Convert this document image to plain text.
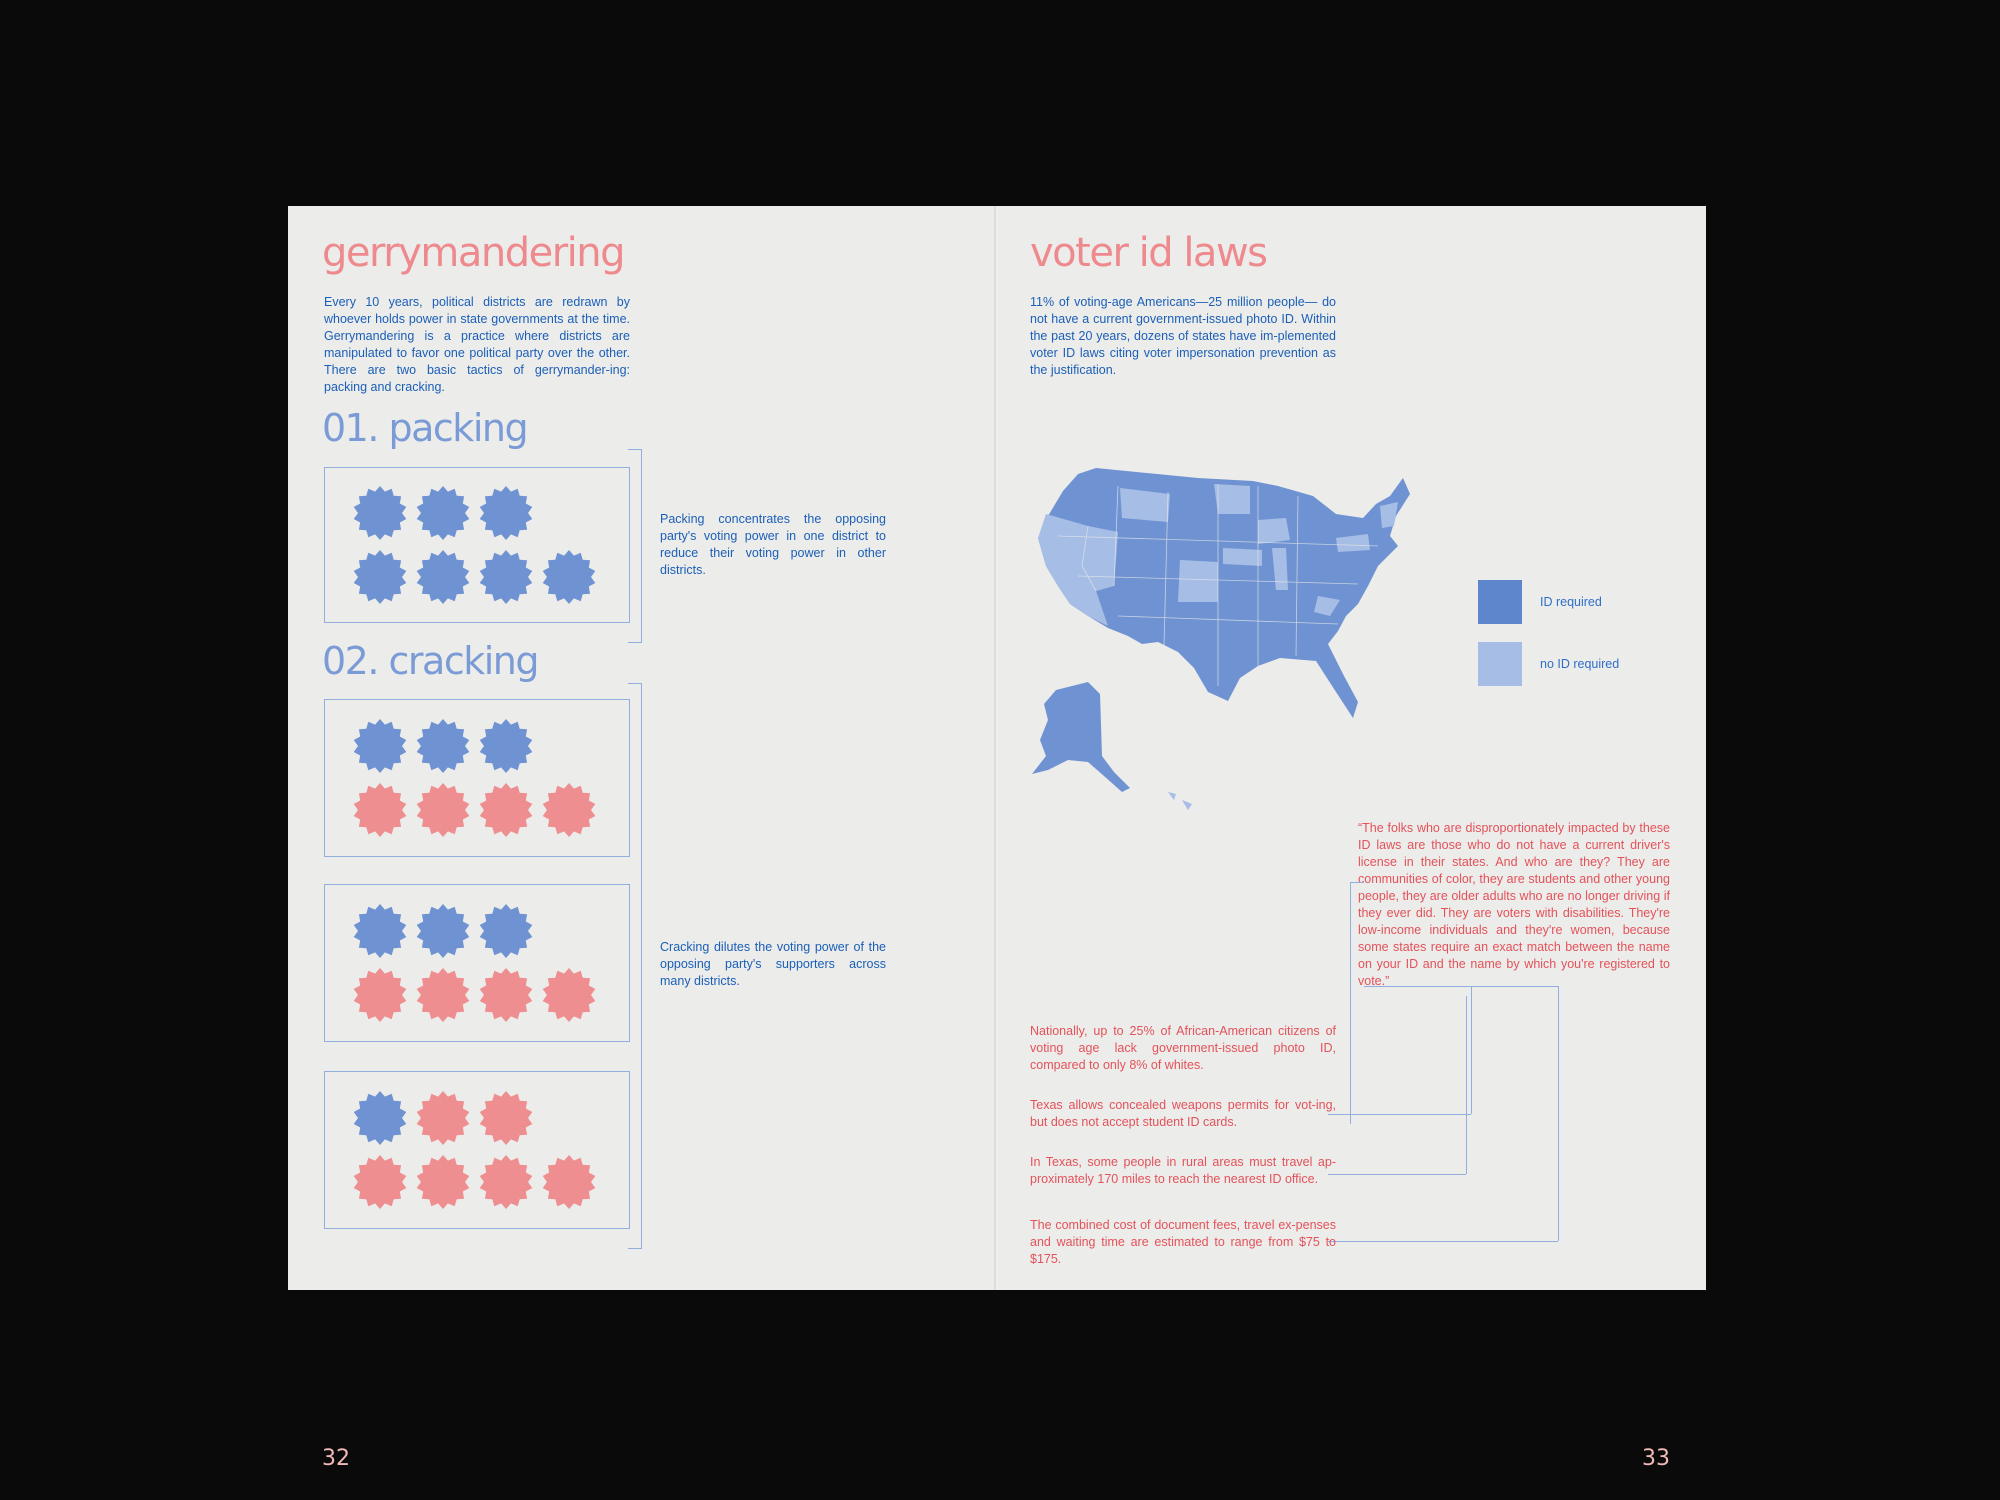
gerrymandering

Every 10 years, political districts are redrawn by whoever holds power in state governments at the time. Gerrymandering is a practice where districts are manipulated to favor one political party over the other. There are two basic tactics of gerrymander-ing: packing and cracking.

01. packing

Packing concentrates the opposing party's voting power in one district to reduce their voting power in other districts.

02. cracking

Cracking dilutes the voting power of the opposing party's supporters across many districts.

32
voter id laws

11% of voting-age Americans—25 million people— do not have a current government-issued photo ID. Within the past 20 years, dozens of states have im-plemented voter ID laws citing voter impersonation prevention as the justification.

ID required
no ID required

“The folks who are disproportionately impacted by these ID laws are those who do not have a current driver's license in their states. And who are they? They are communities of color, they are students and other young people, they are older adults who are no longer driving if they ever did. They are voters with disabilities. They're low-income individuals and they're women, because some states require an exact match between the name on your ID and the name by which you're registered to vote.”

Nationally, up to 25% of African-American citizens of voting age lack government-issued photo ID, compared to only 8% of whites.

Texas allows concealed weapons permits for vot-ing, but does not accept student ID cards.

In Texas, some people in rural areas must travel ap-proximately 170 miles to reach the nearest ID office.

The combined cost of document fees, travel ex-penses and waiting time are estimated to range from $75 to $175.

33
